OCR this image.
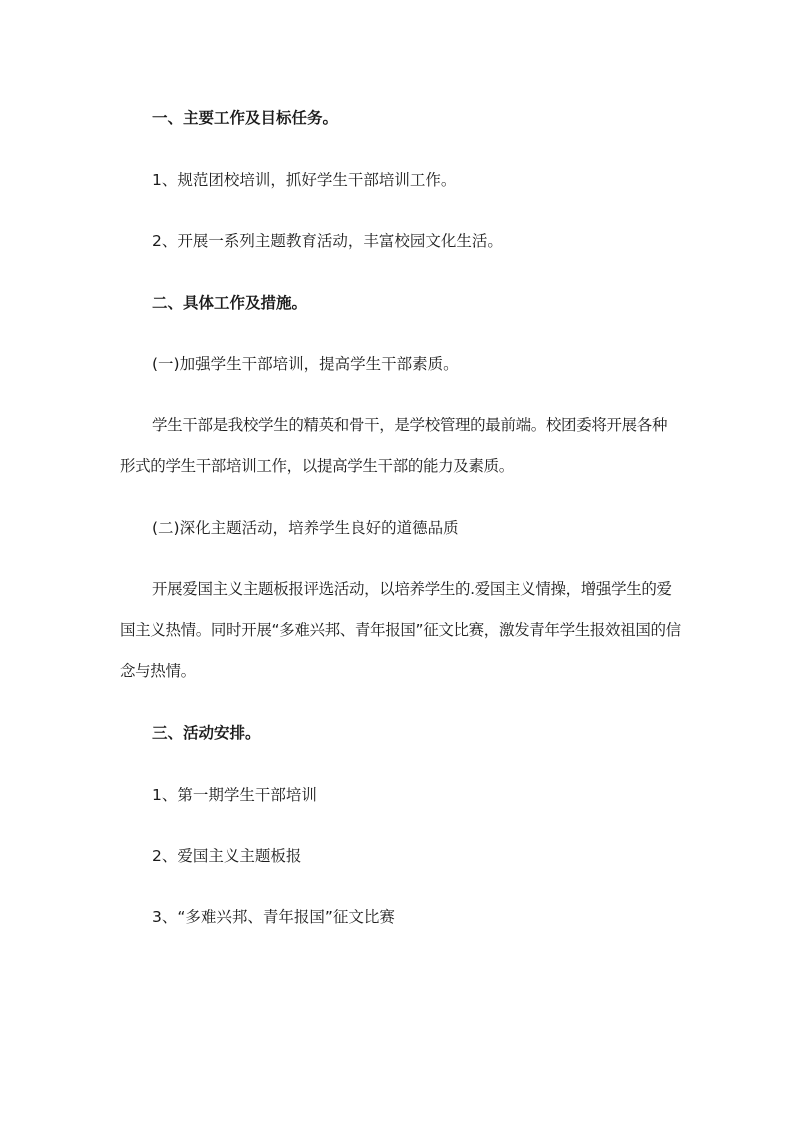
一、主要工作及目标任务。

1、规范团校培训，抓好学生干部培训工作。

2、开展一系列主题教育活动，丰富校园文化生活。

二、具体工作及措施。

(一)加强学生干部培训，提高学生干部素质。

学生干部是我校学生的精英和骨干，是学校管理的最前端。校团委将开展各种形式的学生干部培训工作，以提高学生干部的能力及素质。

(二)深化主题活动，培养学生良好的道德品质

开展爱国主义主题板报评选活动，以培养学生的.爱国主义情操，增强学生的爱国主义热情。同时开展“多难兴邦、青年报国”征文比赛，激发青年学生报效祖国的信念与热情。

三、活动安排。

1、第一期学生干部培训

2、爱国主义主题板报

3、“多难兴邦、青年报国”征文比赛
